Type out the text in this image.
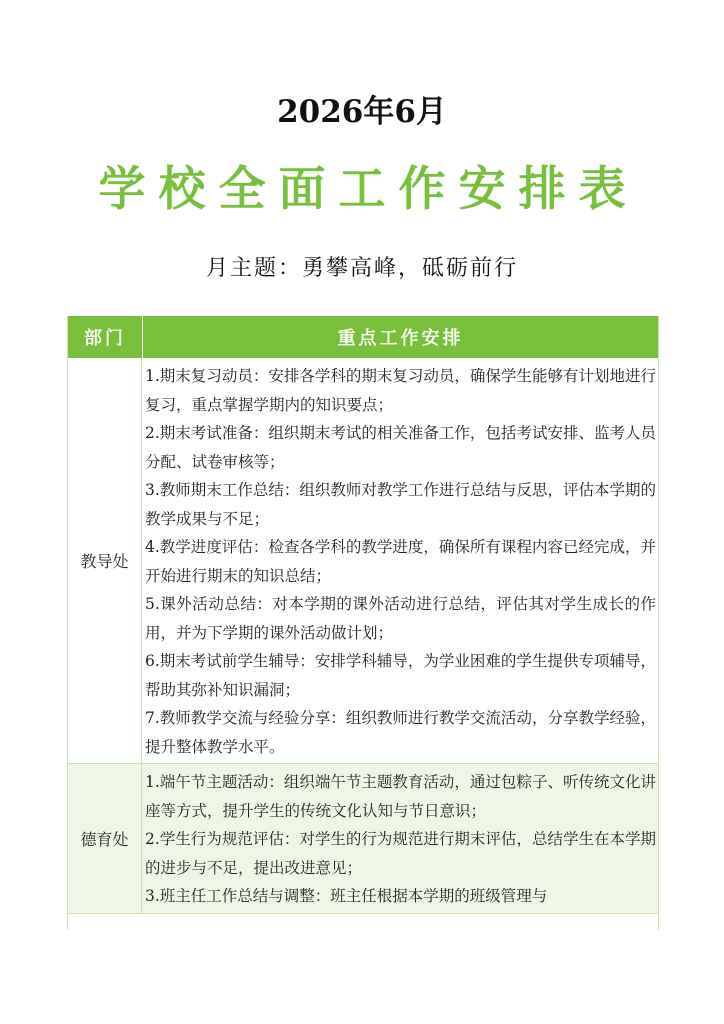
2026年6月
学校全面工作安排表
月主题：勇攀高峰，砥砺前行
部门	重点工作安排
教导处

1.期末复习动员：安排各学科的期末复习动员，确保学生能够有计划地进行复习，重点掌握学期内的知识要点；

2.期末考试准备：组织期末考试的相关准备工作，包括考试安排、监考人员分配、试卷审核等；

3.教师期末工作总结：组织教师对教学工作进行总结与反思，评估本学期的教学成果与不足；

4.教学进度评估：检查各学科的教学进度，确保所有课程内容已经完成，并开始进行期末的知识总结；

5.课外活动总结：对本学期的课外活动进行总结，评估其对学生成长的作用，并为下学期的课外活动做计划；

6.期末考试前学生辅导：安排学科辅导，为学业困难的学生提供专项辅导，帮助其弥补知识漏洞；

7.教师教学交流与经验分享：组织教师进行教学交流活动，分享教学经验，提升整体教学水平。

德育处

1.端午节主题活动：组织端午节主题教育活动，通过包粽子、听传统文化讲座等方式，提升学生的传统文化认知与节日意识；

2.学生行为规范评估：对学生的行为规范进行期末评估，总结学生在本学期的进步与不足，提出改进意见；

3.班主任工作总结与调整：班主任根据本学期的班级管理与
